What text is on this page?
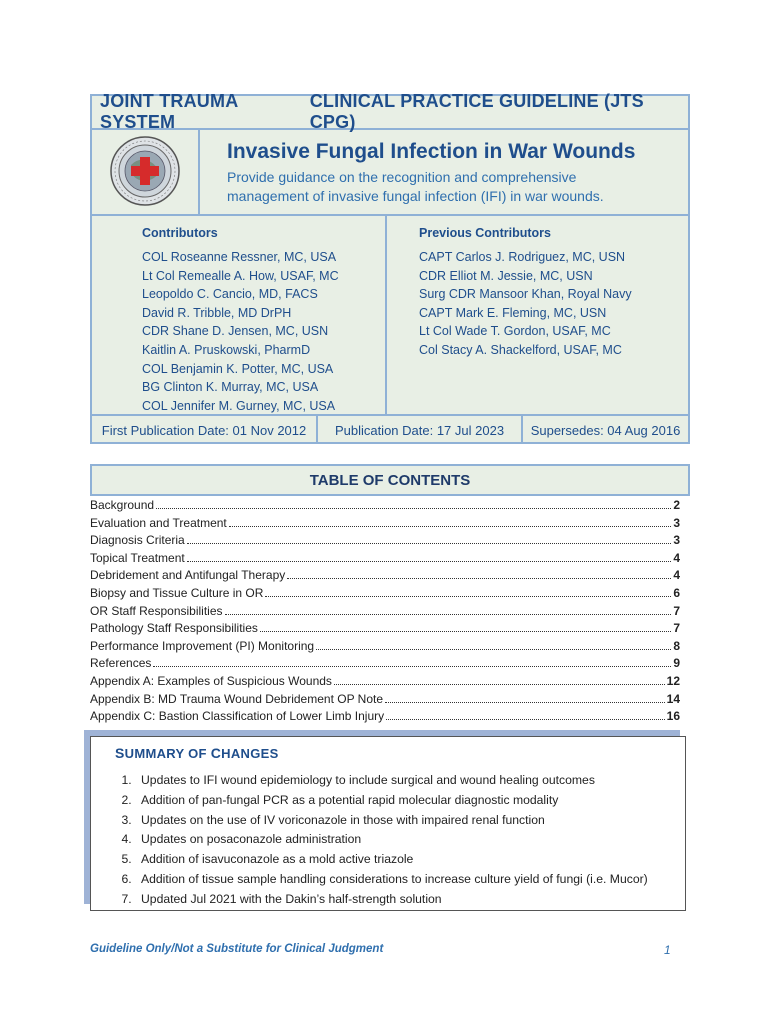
JOINT TRAUMA SYSTEM
CLINICAL PRACTICE GUIDELINE (JTS CPG)
Invasive Fungal Infection in War Wounds
Provide guidance on the recognition and comprehensive management of invasive fungal infection (IFI) in war wounds.
Contributors
COL Roseanne Ressner, MC, USA
Lt Col Remealle A. How, USAF, MC
Leopoldo C. Cancio, MD, FACS
David R. Tribble, MD DrPH
CDR Shane D. Jensen, MC, USN
Kaitlin A. Pruskowski, PharmD
COL Benjamin K. Potter, MC, USA
BG Clinton K. Murray, MC, USA
COL Jennifer M. Gurney, MC, USA
Previous Contributors
CAPT Carlos J. Rodriguez, MC, USN
CDR Elliot M. Jessie, MC, USN
Surg CDR Mansoor Khan, Royal Navy
CAPT Mark E. Fleming, MC, USN
Lt Col Wade T. Gordon, USAF, MC
Col Stacy A. Shackelford, USAF, MC
First Publication Date: 01 Nov 2012	Publication Date: 17 Jul 2023	Supersedes: 04 Aug 2016
TABLE OF CONTENTS
Background	2
Evaluation and Treatment	3
Diagnosis Criteria	3
Topical Treatment	4
Debridement and Antifungal Therapy	4
Biopsy and Tissue Culture in OR	6
OR Staff Responsibilities	7
Pathology Staff Responsibilities	7
Performance Improvement (PI) Monitoring	8
References	9
Appendix A: Examples of Suspicious Wounds	12
Appendix B: MD Trauma Wound Debridement OP Note	14
Appendix C: Bastion Classification of Lower Limb Injury	16
SUMMARY OF CHANGES
1. Updates to IFI wound epidemiology to include surgical and wound healing outcomes
2. Addition of pan-fungal PCR as a potential rapid molecular diagnostic modality
3. Updates on the use of IV voriconazole in those with impaired renal function
4. Updates on posaconazole administration
5. Addition of isavuconazole as a mold active triazole
6. Addition of tissue sample handling considerations to increase culture yield of fungi (i.e. Mucor)
7. Updated Jul 2021 with the Dakin’s half-strength solution
Guideline Only/Not a Substitute for Clinical Judgment	1
